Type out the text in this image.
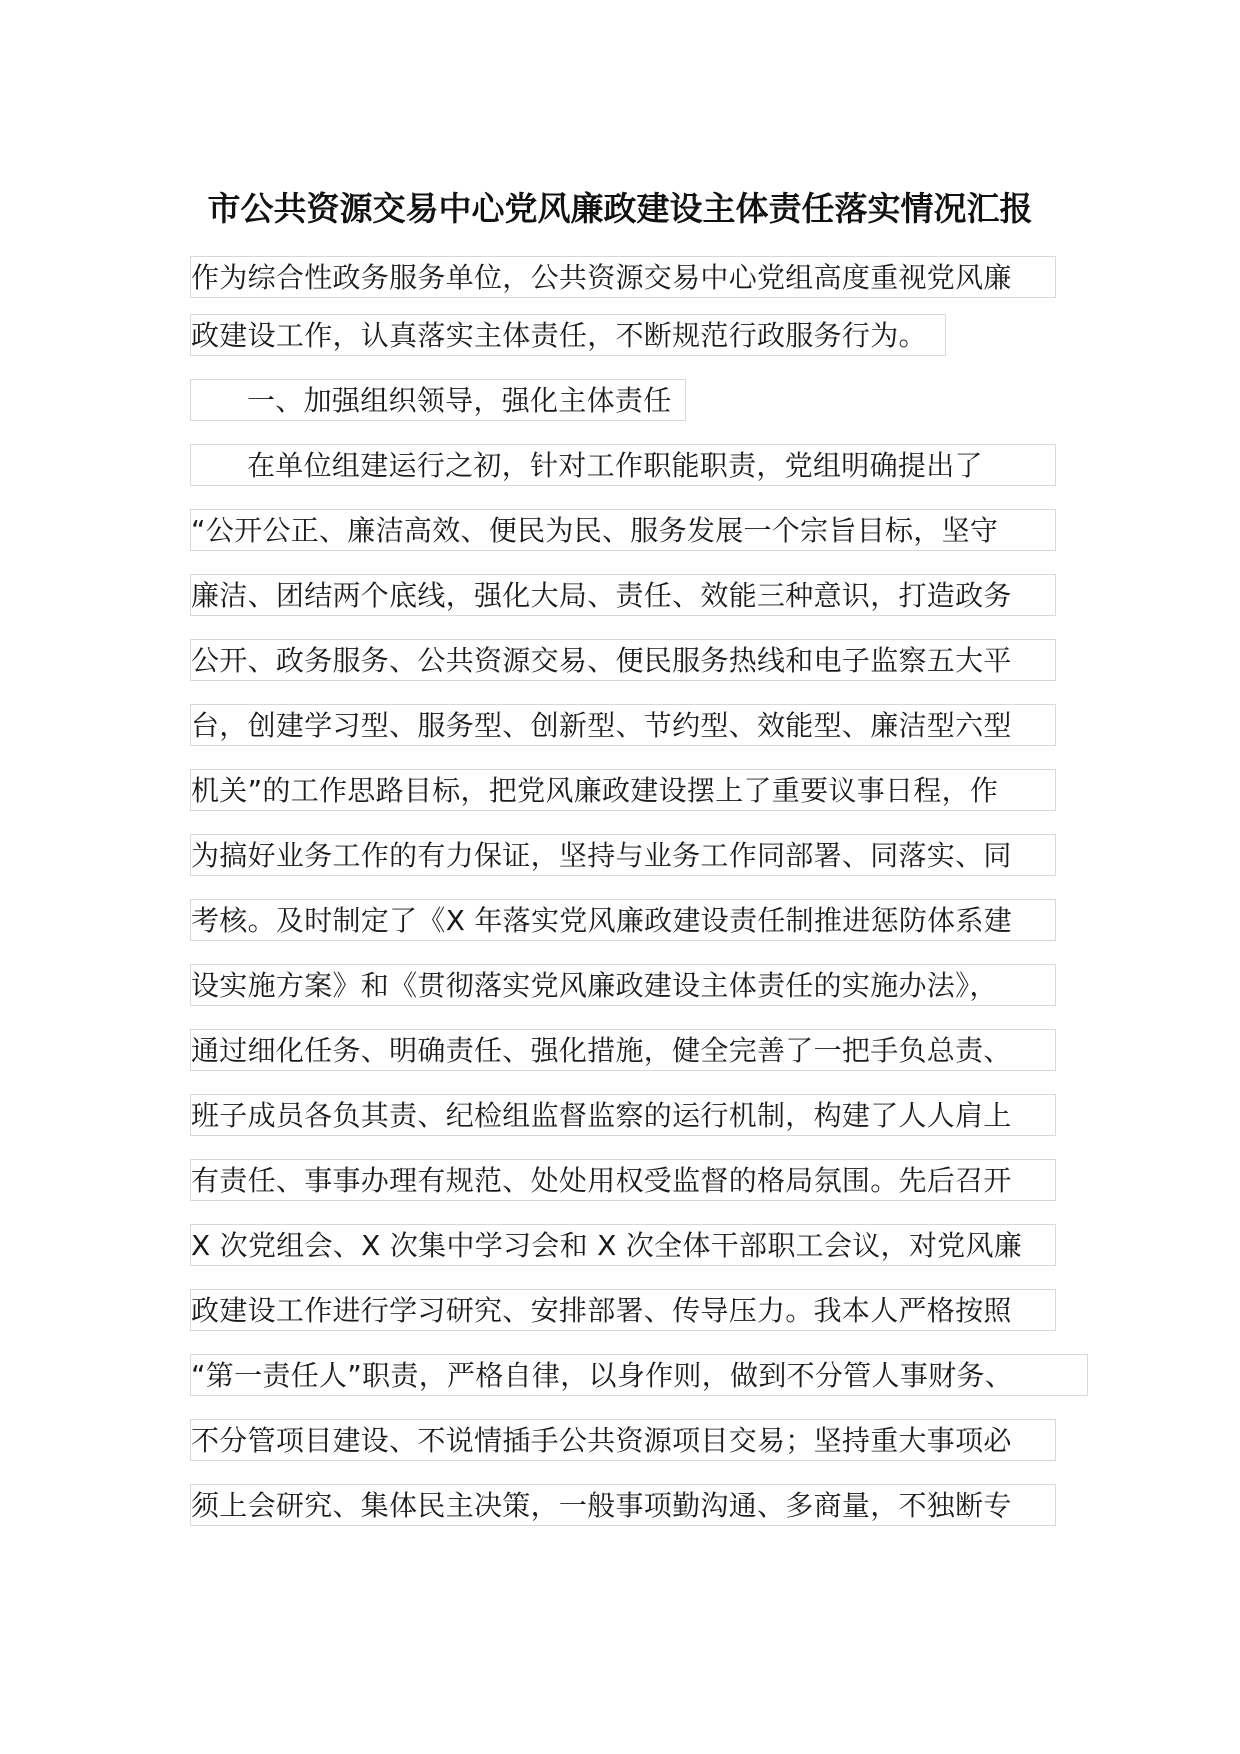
市公共资源交易中心党风廉政建设主体责任落实情况汇报
作为综合性政务服务单位，公共资源交易中心党组高度重视党风廉
政建设工作，认真落实主体责任，不断规范行政服务行为。
一、加强组织领导，强化主体责任
在单位组建运行之初，针对工作职能职责，党组明确提出了
“公开公正、廉洁高效、便民为民、服务发展一个宗旨目标，坚守
廉洁、团结两个底线，强化大局、责任、效能三种意识，打造政务
公开、政务服务、公共资源交易、便民服务热线和电子监察五大平
台，创建学习型、服务型、创新型、节约型、效能型、廉洁型六型
机关”的工作思路目标，把党风廉政建设摆上了重要议事日程，作
为搞好业务工作的有力保证，坚持与业务工作同部署、同落实、同
考核。及时制定了《X 年落实党风廉政建设责任制推进惩防体系建
设实施方案》和《贯彻落实党风廉政建设主体责任的实施办法》，
通过细化任务、明确责任、强化措施，健全完善了一把手负总责、
班子成员各负其责、纪检组监督监察的运行机制，构建了人人肩上
有责任、事事办理有规范、处处用权受监督的格局氛围。先后召开
X 次党组会、X 次集中学习会和 X 次全体干部职工会议，对党风廉
政建设工作进行学习研究、安排部署、传导压力。我本人严格按照
“第一责任人”职责，严格自律，以身作则，做到不分管人事财务、
不分管项目建设、不说情插手公共资源项目交易；坚持重大事项必
须上会研究、集体民主决策，一般事项勤沟通、多商量，不独断专
